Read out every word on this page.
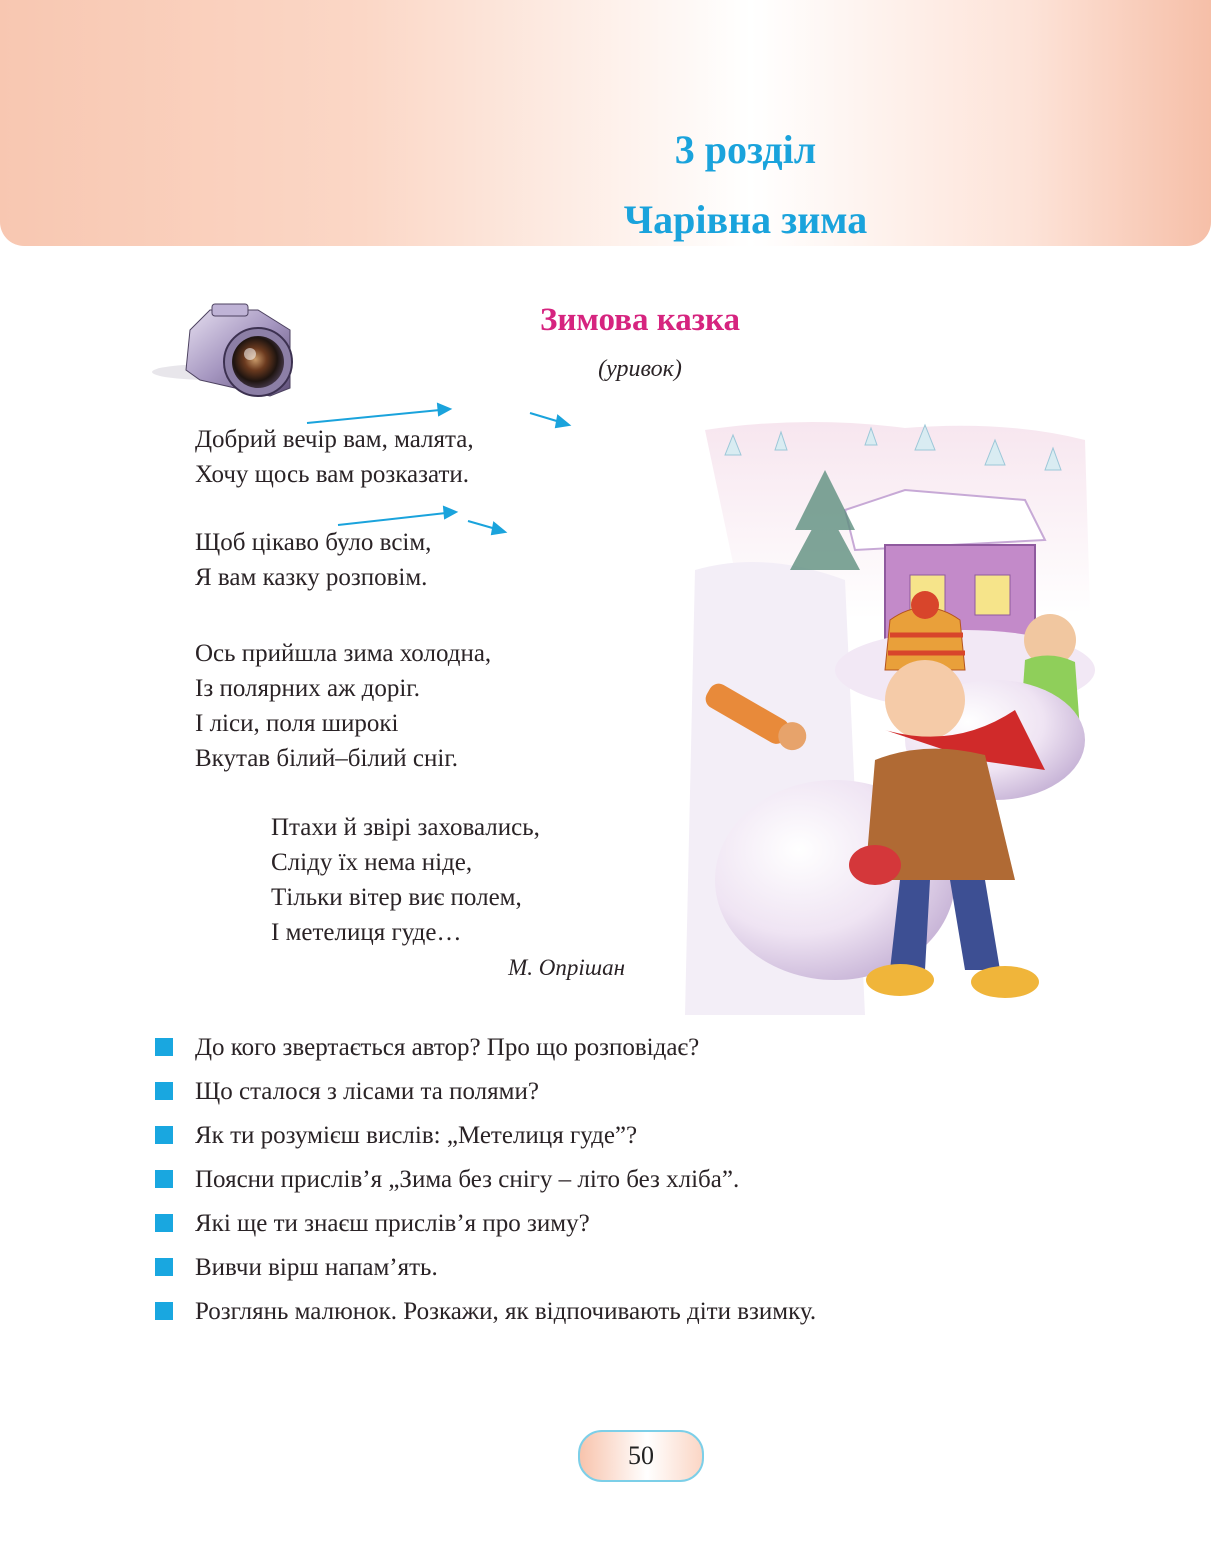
3 розділ
Чарівна зима
Зимова казка
(уривок)
Добрий вечір вам, малята,
Хочу щось вам розказати.
Щоб цікаво було всім,
Я вам казку розповім.
Ось прийшла зима холодна,
Із полярних аж доріг.
І ліси, поля широкі
Вкутав білий–білий сніг.
Птахи й звірі заховались,
Сліду їх нема ніде,
Тільки вітер виє полем,
І метелиця гуде…
М. Опрішан
До кого звертається автор? Про що розповідає?
Що сталося з лісами та полями?
Як ти розумієш вислів: „Метелиця гуде”?
Поясни прислів’я „Зима без снігу – літо без хліба”.
Які ще ти знаєш прислів’я про зиму?
Вивчи вірш напам’ять.
Розглянь малюнок. Розкажи, як відпочивають діти взимку.
50
